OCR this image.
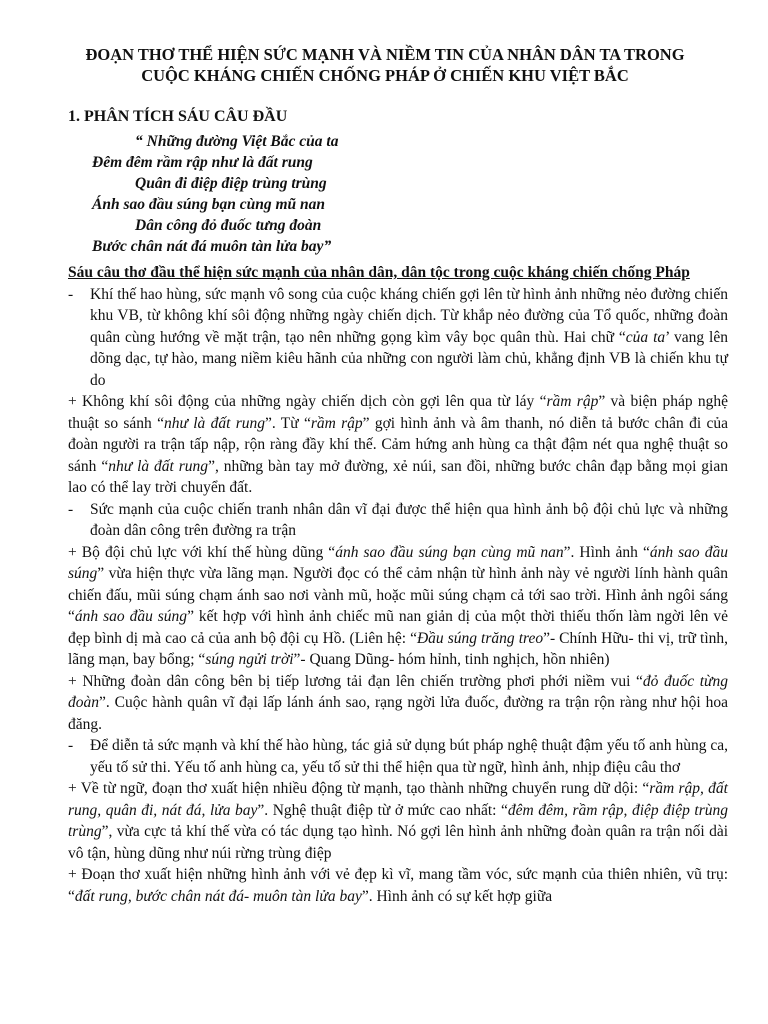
ĐOẠN THƠ THỂ HIỆN SỨC MẠNH VÀ NIỀM TIN CỦA NHÂN DÂN TA TRONG
CUỘC KHÁNG CHIẾN CHỐNG PHÁP Ở CHIẾN KHU VIỆT BẮC
1. PHÂN TÍCH SÁU CÂU ĐẦU
“ Những đường Việt Bắc của ta
Đêm đêm rầm rập như là đất rung
Quân đi điệp điệp trùng trùng
Ánh sao đầu súng bạn cùng mũ nan
Dân công đỏ đuốc tưng đoàn
Bước chân nát đá muôn tàn lửa bay”
Sáu câu thơ đầu thể hiện sức mạnh của nhân dân, dân tộc trong cuộc kháng chiến chống Pháp
- Khí thế hao hùng, sức mạnh vô song của cuộc kháng chiến gợi lên từ hình ảnh những nẻo đường chiến khu VB, từ không khí sôi động những ngày chiến dịch. Từ khắp nẻo đường của Tổ quốc, những đoàn quân cùng hướng về mặt trận, tạo nên những gọng kìm vây bọc quân thù. Hai chữ “của ta’ vang lên dõng dạc, tự hào, mang niềm kiêu hãnh của những con người làm chủ, khẳng định VB là chiến khu tự do
+ Không khí sôi động của những ngày chiến dịch còn gợi lên qua từ láy “rầm rập” và biện pháp nghệ thuật so sánh “như là đất rung”. Từ “rầm rập” gợi hình ảnh và âm thanh, nó diễn tả bước chân đi của đoàn người ra trận tấp nập, rộn ràng đầy khí thế. Cảm hứng anh hùng ca thật đậm nét qua nghệ thuật so sánh “như là đất rung”, những bàn tay mở đường, xẻ núi, san đồi, những bước chân đạp bằng mọi gian lao có thể lay trời chuyển đất.
- Sức mạnh của cuộc chiến tranh nhân dân vĩ đại được thể hiện qua hình ảnh bộ đội chủ lực và những đoàn dân công trên đường ra trận
+ Bộ đội chủ lực với khí thế hùng dũng “ánh sao đầu súng bạn cùng mũ nan”. Hình ảnh “ánh sao đầu súng” vừa hiện thực vừa lãng mạn. Người đọc có thể cảm nhận từ hình ảnh này vẻ người lính hành quân chiến đấu, mũi súng chạm ánh sao nơi vành mũ, hoặc mũi súng chạm cả tới sao trời. Hình ảnh ngôi sáng “ánh sao đầu súng” kết hợp với hình ảnh chiếc mũ nan giản dị của một thời thiếu thốn làm ngời lên vẻ đẹp bình dị mà cao cả của anh bộ đội cụ Hồ. (Liên hệ: “Đầu súng trăng treo”- Chính Hữu- thi vị, trữ tình, lãng mạn, bay bổng; “súng ngửi trời”- Quang Dũng- hóm hỉnh, tinh nghịch, hồn nhiên)
+ Những đoàn dân công bên bị tiếp lương tải đạn lên chiến trường phơi phới niềm vui “đỏ đuốc từng đoàn”. Cuộc hành quân vĩ đại lấp lánh ánh sao, rạng ngời lửa đuốc, đường ra trận rộn ràng như hội hoa đăng.
- Để diễn tả sức mạnh và khí thế hào hùng, tác giả sử dụng bút pháp nghệ thuật đậm yếu tố anh hùng ca, yếu tố sử thi. Yếu tố anh hùng ca, yếu tố sử thi thể hiện qua từ ngữ, hình ảnh, nhịp điệu câu thơ
+ Về từ ngữ, đoạn thơ xuất hiện nhiều động từ mạnh, tạo thành những chuyển rung dữ dội: “rầm rập, đất rung, quân đi, nát đá, lửa bay”. Nghệ thuật điệp từ ở mức cao nhất: “đêm đêm, rầm rập, điệp điệp trùng trùng”, vừa cực tả khí thế vừa có tác dụng tạo hình. Nó gợi lên hình ảnh những đoàn quân ra trận nối dài vô tận, hùng dũng như núi rừng trùng điệp
+ Đoạn thơ xuất hiện những hình ảnh với vẻ đẹp kì vĩ, mang tầm vóc, sức mạnh của thiên nhiên, vũ trụ: “đất rung, bước chân nát đá- muôn tàn lửa bay”. Hình ảnh có sự kết hợp giữa
